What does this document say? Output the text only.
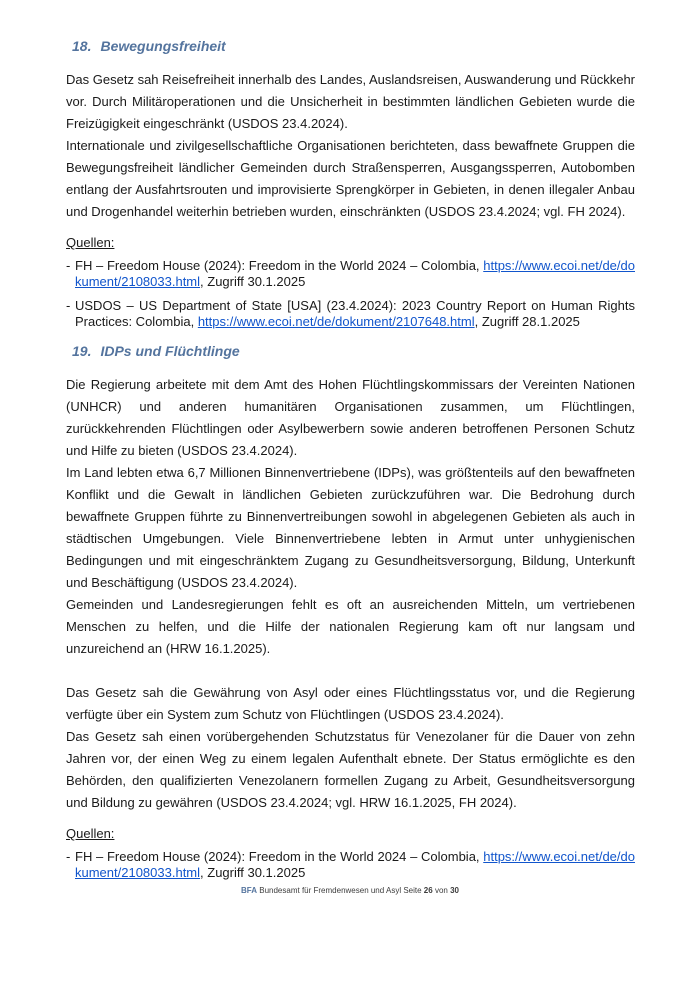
18. Bewegungsfreiheit

Das Gesetz sah Reisefreiheit innerhalb des Landes, Auslandsreisen, Auswanderung und Rückkehr vor. Durch Militäroperationen und die Unsicherheit in bestimmten ländlichen Gebieten wurde die Freizügigkeit eingeschränkt (USDOS 23.4.2024).

Internationale und zivilgesellschaftliche Organisationen berichteten, dass bewaffnete Gruppen die Bewegungsfreiheit ländlicher Gemeinden durch Straßensperren, Ausgangssperren, Autobomben entlang der Ausfahrtsrouten und improvisierte Sprengkörper in Gebieten, in denen illegaler Anbau und Drogenhandel weiterhin betrieben wurden, einschränkten (USDOS 23.4.2024; vgl. FH 2024).

Quellen:
- FH – Freedom House (2024): Freedom in the World 2024 – Colombia, https://www.ecoi.net/de/dokument/2108033.html, Zugriff 30.1.2025
- USDOS – US Department of State [USA] (23.4.2024): 2023 Country Report on Human Rights Practices: Colombia, https://www.ecoi.net/de/dokument/2107648.html, Zugriff 28.1.2025
19. IDPs und Flüchtlinge

Die Regierung arbeitete mit dem Amt des Hohen Flüchtlingskommissars der Vereinten Nationen (UNHCR) und anderen humanitären Organisationen zusammen, um Flüchtlingen, zurückkehrenden Flüchtlingen oder Asylbewerbern sowie anderen betroffenen Personen Schutz und Hilfe zu bieten (USDOS 23.4.2024).

Im Land lebten etwa 6,7 Millionen Binnenvertriebene (IDPs), was größtenteils auf den bewaffneten Konflikt und die Gewalt in ländlichen Gebieten zurückzuführen war. Die Bedrohung durch bewaffnete Gruppen führte zu Binnenvertreibungen sowohl in abgelegenen Gebieten als auch in städtischen Umgebungen. Viele Binnenvertriebene lebten in Armut unter unhygienischen Bedingungen und mit eingeschränktem Zugang zu Gesundheitsversorgung, Bildung, Unterkunft und Beschäftigung (USDOS 23.4.2024).

Gemeinden und Landesregierungen fehlt es oft an ausreichenden Mitteln, um vertriebenen Menschen zu helfen, und die Hilfe der nationalen Regierung kam oft nur langsam und unzureichend an (HRW 16.1.2025).

Das Gesetz sah die Gewährung von Asyl oder eines Flüchtlingsstatus vor, und die Regierung verfügte über ein System zum Schutz von Flüchtlingen (USDOS 23.4.2024).

Das Gesetz sah einen vorübergehenden Schutzstatus für Venezolaner für die Dauer von zehn Jahren vor, der einen Weg zu einem legalen Aufenthalt ebnete. Der Status ermöglichte es den Behörden, den qualifizierten Venezolanern formellen Zugang zu Arbeit, Gesundheitsversorgung und Bildung zu gewähren (USDOS 23.4.2024; vgl. HRW 16.1.2025, FH 2024).

Quellen:
- FH – Freedom House (2024): Freedom in the World 2024 – Colombia, https://www.ecoi.net/de/dokument/2108033.html, Zugriff 30.1.2025
BFA Bundesamt für Fremdenwesen und Asyl Seite 26 von 30
